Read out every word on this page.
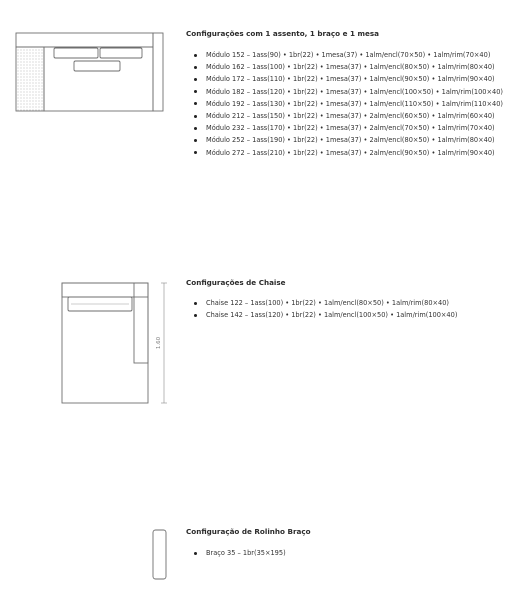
Configurações com 1 assento, 1 braço e 1 mesa
Módulo 152 – 1ass(90) • 1br(22) • 1mesa(37) • 1alm/encl(70×50) • 1alm/rim(70×40)
Módulo 162 – 1ass(100) • 1br(22) • 1mesa(37) • 1alm/encl(80×50) • 1alm/rim(80×40)
Módulo 172 – 1ass(110) • 1br(22) • 1mesa(37) • 1alm/encl(90×50) • 1alm/rim(90×40)
Módulo 182 – 1ass(120) • 1br(22) • 1mesa(37) • 1alm/encl(100×50) • 1alm/rim(100×40)
Módulo 192 – 1ass(130) • 1br(22) • 1mesa(37) • 1alm/encl(110×50) • 1alm/rim(110×40)
Módulo 212 – 1ass(150) • 1br(22) • 1mesa(37) • 2alm/encl(60×50) • 1alm/rim(60×40)
Módulo 232 – 1ass(170) • 1br(22) • 1mesa(37) • 2alm/encl(70×50) • 1alm/rim(70×40)
Módulo 252 – 1ass(190) • 1br(22) • 1mesa(37) • 2alm/encl(80×50) • 1alm/rim(80×40)
Módulo 272 – 1ass(210) • 1br(22) • 1mesa(37) • 2alm/encl(90×50) • 1alm/rim(90×40)
1.60
Configurações de Chaise
Chaise 122 – 1ass(100) • 1br(22) • 1alm/encl(80×50) • 1alm/rim(80×40)
Chaise 142 – 1ass(120) • 1br(22) • 1alm/encl(100×50) • 1alm/rim(100×40)
Configuração de Rolinho Braço
Braço 35 – 1br(35×195)
